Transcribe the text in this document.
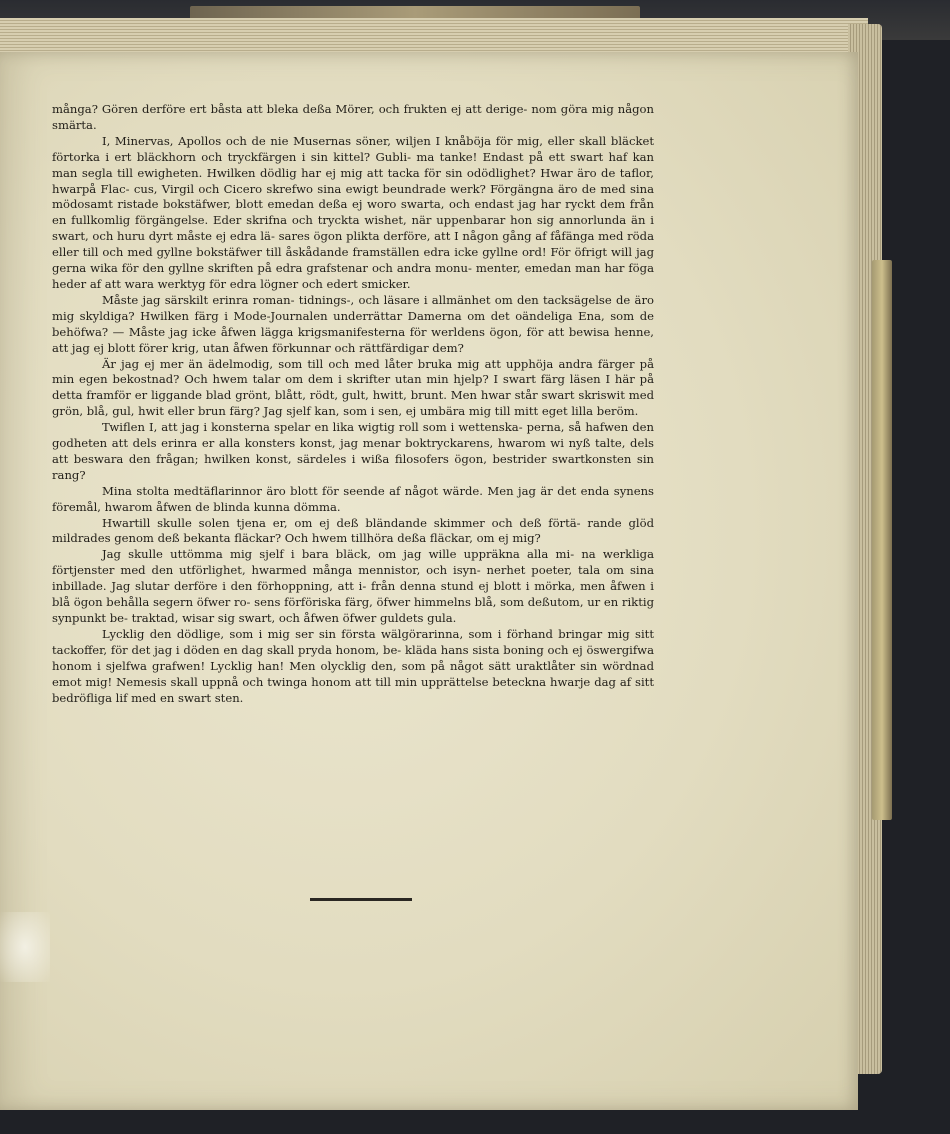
många? Gören derföre ert båsta att bleka deßa Mörer, och frukten ej att derige- nom göra mig någon smärta.

I, Minervas, Apollos och de nie Musernas söner, wiljen I knåböja för mig, eller skall bläcket förtorka i ert bläckhorn och tryckfärgen i sin kittel? Gubli- ma tanke! Endast på ett swart haf kan man segla till ewigheten. Hwilken dödlig har ej mig att tacka för sin odödlighet? Hwar äro de taflor, hwarpå Flac- cus, Virgil och Cicero skrefwo sina ewigt beundrade werk? Förgängna äro de med sina mödosamt ristade bokstäfwer, blott emedan deßa ej woro swarta, och endast jag har ryckt dem från en fullkomlig förgängelse. Eder skrifna och tryckta wishet, när uppenbarar hon sig annorlunda än i swart, och huru dyrt måste ej edra lä- sares ögon plikta derföre, att I någon gång af fåfänga med röda eller till och med gyllne bokstäfwer till åskådande framställen edra icke gyllne ord! För öfrigt will jag gerna wika för den gyllne skriften på edra grafstenar och andra monu- menter, emedan man har föga heder af att wara werktyg för edra lögner och edert smicker.

Måste jag särskilt erinra roman- tidnings-, och läsare i allmänhet om den tacksägelse de äro mig skyldiga? Hwilken färg i Mode-Journalen underrättar Damerna om det oändeliga Ena, som de behöfwa? — Måste jag icke åfwen lägga krigsmanifesterna för werldens ögon, för att bewisa henne, att jag ej blott förer krig, utan åfwen förkunnar och rättfärdigar dem?

Är jag ej mer än ädelmodig, som till och med låter bruka mig att upphöja andra färger på min egen bekostnad? Och hwem talar om dem i skrifter utan min hjelp? I swart färg läsen I här på detta framför er liggande blad grönt, blått, rödt, gult, hwitt, brunt. Men hwar står swart skriswit med grön, blå, gul, hwit eller brun färg? Jag sjelf kan, som i sen, ej umbära mig till mitt eget lilla beröm.

Twiflen I, att jag i konsterna spelar en lika wigtig roll som i wettenska- perna, så hafwen den godheten att dels erinra er alla konsters konst, jag menar boktryckarens, hwarom wi nyß talte, dels att beswara den frågan; hwilken konst, särdeles i wißa filosofers ögon, bestrider swartkonsten sin rang?

Mina stolta medtäflarinnor äro blott för seende af något wärde. Men jag är det enda synens föremål, hwarom åfwen de blinda kunna dömma.

Hwartill skulle solen tjena er, om ej deß bländande skimmer och deß förtä- rande glöd mildrades genom deß bekanta fläckar? Och hwem tillhöra deßa fläckar, om ej mig?

Jag skulle uttömma mig sjelf i bara bläck, om jag wille uppräkna alla mi- na werkliga förtjenster med den utförlighet, hwarmed många mennistor, och isyn- nerhet poeter, tala om sina inbillade. Jag slutar derföre i den förhoppning, att i- från denna stund ej blott i mörka, men åfwen i blå ögon behålla segern öfwer ro- sens förföriska färg, öfwer himmelns blå, som deßutom, ur en riktig synpunkt be- traktad, wisar sig swart, och åfwen öfwer guldets gula.

Lycklig den dödlige, som i mig ser sin första wälgörarinna, som i förhand bringar mig sitt tackoffer, för det jag i döden en dag skall pryda honom, be- kläda hans sista boning och ej öswergifwa honom i sjelfwa grafwen! Lycklig han! Men olycklig den, som på något sätt uraktlåter sin wördnad emot mig! Nemesis skall uppnå och twinga honom att till min upprättelse beteckna hwarje dag af sitt bedröfliga lif med en swart sten.
